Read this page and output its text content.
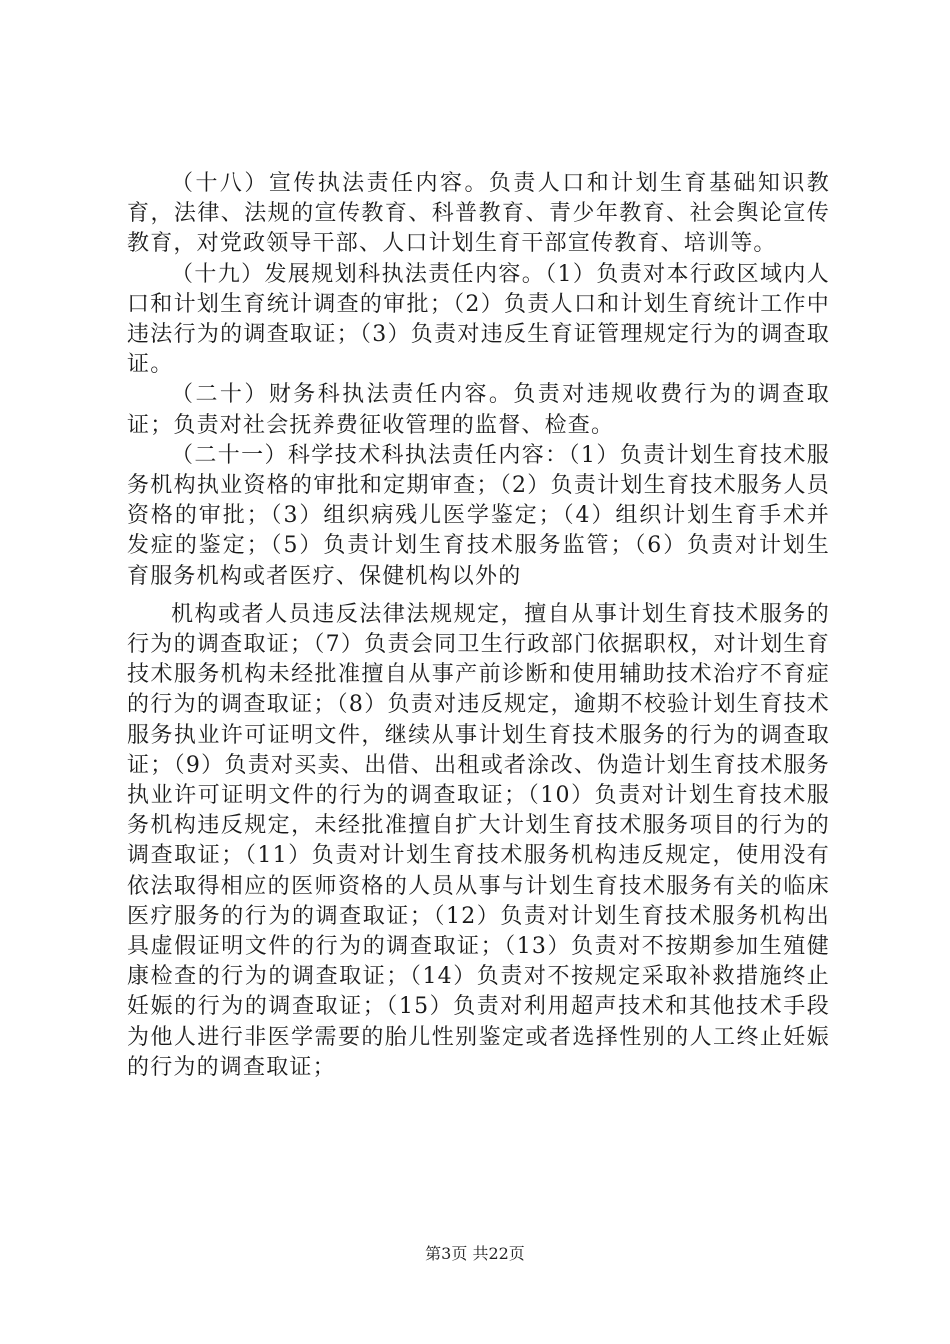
（十八）宣传执法责任内容。负责人口和计划生育基础知识教育，法律、法规的宣传教育、科普教育、青少年教育、社会舆论宣传教育，对党政领导干部、人口计划生育干部宣传教育、培训等。

（十九）发展规划科执法责任内容。（1）负责对本行政区域内人口和计划生育统计调查的审批；（2）负责人口和计划生育统计工作中违法行为的调查取证；（3）负责对违反生育证管理规定行为的调查取证。

（二十）财务科执法责任内容。负责对违规收费行为的调查取证；负责对社会抚养费征收管理的监督、检查。

（二十一）科学技术科执法责任内容：（1）负责计划生育技术服务机构执业资格的审批和定期审查；（2）负责计划生育技术服务人员资格的审批；（3）组织病残儿医学鉴定；（4）组织计划生育手术并发症的鉴定；（5）负责计划生育技术服务监管；（6）负责对计划生育服务机构或者医疗、保健机构以外的

机构或者人员违反法律法规规定，擅自从事计划生育技术服务的行为的调查取证；（7）负责会同卫生行政部门依据职权，对计划生育技术服务机构未经批准擅自从事产前诊断和使用辅助技术治疗不育症的行为的调查取证；（8）负责对违反规定，逾期不校验计划生育技术服务执业许可证明文件，继续从事计划生育技术服务的行为的调查取证；（9）负责对买卖、出借、出租或者涂改、伪造计划生育技术服务执业许可证明文件的行为的调查取证；（10）负责对计划生育技术服务机构违反规定，未经批准擅自扩大计划生育技术服务项目的行为的调查取证；（11）负责对计划生育技术服务机构违反规定，使用没有依法取得相应的医师资格的人员从事与计划生育技术服务有关的临床医疗服务的行为的调查取证；（12）负责对计划生育技术服务机构出具虚假证明文件的行为的调查取证；（13）负责对不按期参加生殖健康检查的行为的调查取证；（14）负责对不按规定采取补救措施终止妊娠的行为的调查取证；（15）负责对利用超声技术和其他技术手段为他人进行非医学需要的胎儿性别鉴定或者选择性别的人工终止妊娠的行为的调查取证；

第3页 共22页
